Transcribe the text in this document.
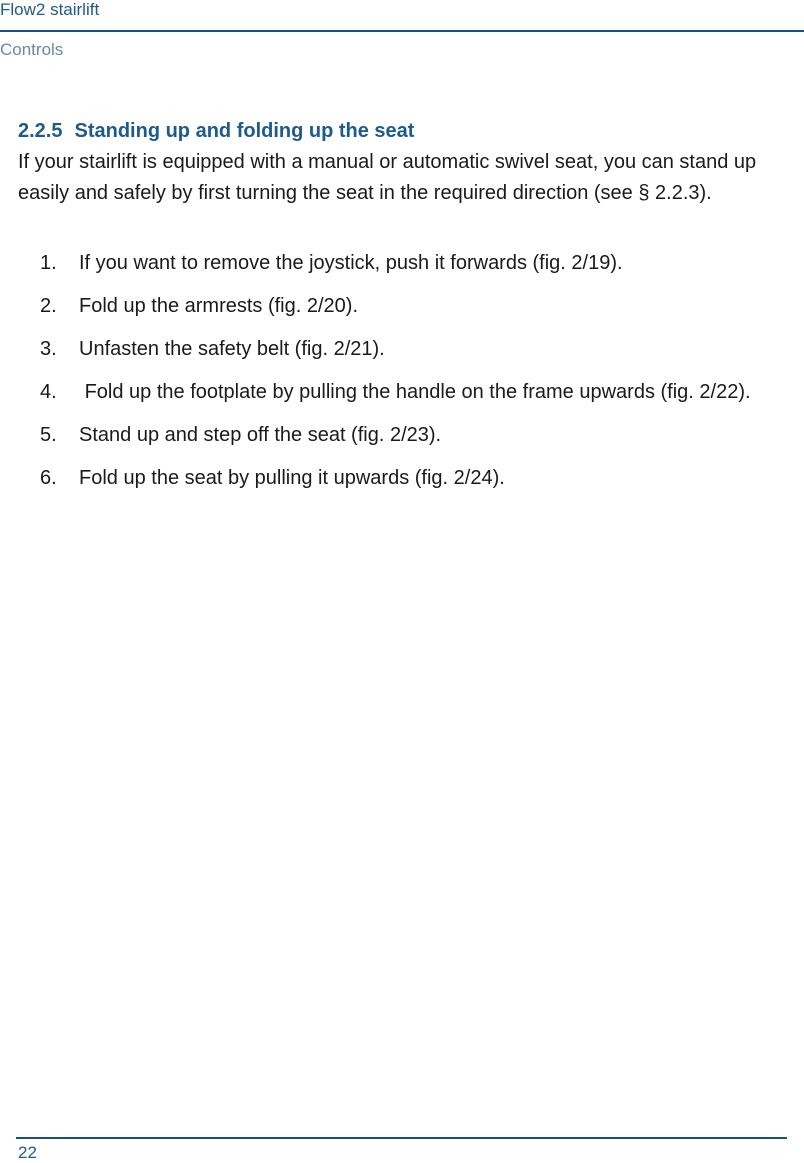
Flow2 stairlift
Controls
2.2.5 Standing up and folding up the seat

If your stairlift is equipped with a manual or automatic swivel seat, you can stand up easily and safely by first turning the seat in the required direction (see § 2.2.3).

1. If you want to remove the joystick, push it forwards (fig. 2/19).
2. Fold up the armrests (fig. 2/20).
3. Unfasten the safety belt (fig. 2/21).
4. Fold up the footplate by pulling the handle on the frame upwards (fig. 2/22).
5. Stand up and step off the seat (fig. 2/23).
6. Fold up the seat by pulling it upwards (fig. 2/24).
22
